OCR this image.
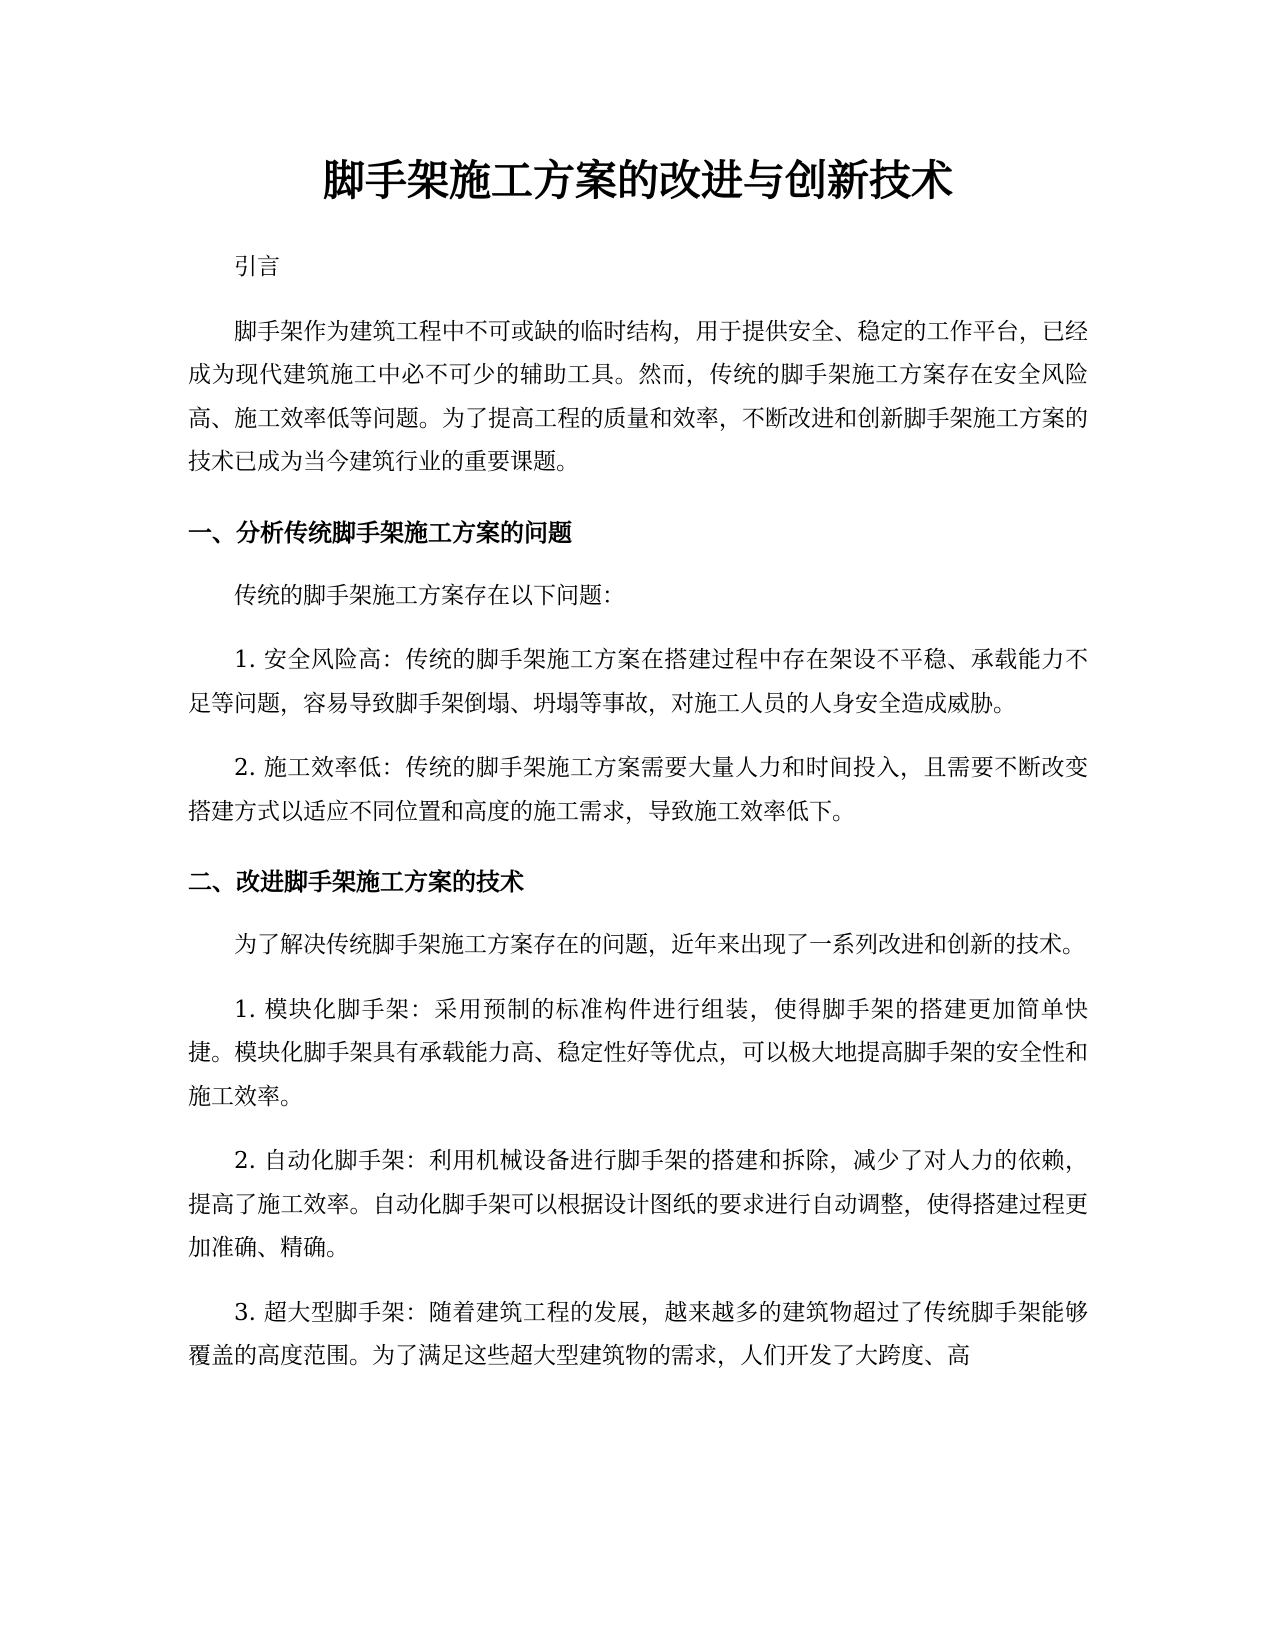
脚手架施工方案的改进与创新技术

引言

脚手架作为建筑工程中不可或缺的临时结构，用于提供安全、稳定的工作平台，已经成为现代建筑施工中必不可少的辅助工具。然而，传统的脚手架施工方案存在安全风险高、施工效率低等问题。为了提高工程的质量和效率，不断改进和创新脚手架施工方案的技术已成为当今建筑行业的重要课题。

一、分析传统脚手架施工方案的问题

传统的脚手架施工方案存在以下问题：

1. 安全风险高：传统的脚手架施工方案在搭建过程中存在架设不平稳、承载能力不足等问题，容易导致脚手架倒塌、坍塌等事故，对施工人员的人身安全造成威胁。

2. 施工效率低：传统的脚手架施工方案需要大量人力和时间投入，且需要不断改变搭建方式以适应不同位置和高度的施工需求，导致施工效率低下。

二、改进脚手架施工方案的技术

为了解决传统脚手架施工方案存在的问题，近年来出现了一系列改进和创新的技术。

1. 模块化脚手架：采用预制的标准构件进行组装，使得脚手架的搭建更加简单快捷。模块化脚手架具有承载能力高、稳定性好等优点，可以极大地提高脚手架的安全性和施工效率。

2. 自动化脚手架：利用机械设备进行脚手架的搭建和拆除，减少了对人力的依赖，提高了施工效率。自动化脚手架可以根据设计图纸的要求进行自动调整，使得搭建过程更加准确、精确。

3. 超大型脚手架：随着建筑工程的发展，越来越多的建筑物超过了传统脚手架能够覆盖的高度范围。为了满足这些超大型建筑物的需求，人们开发了大跨度、高
